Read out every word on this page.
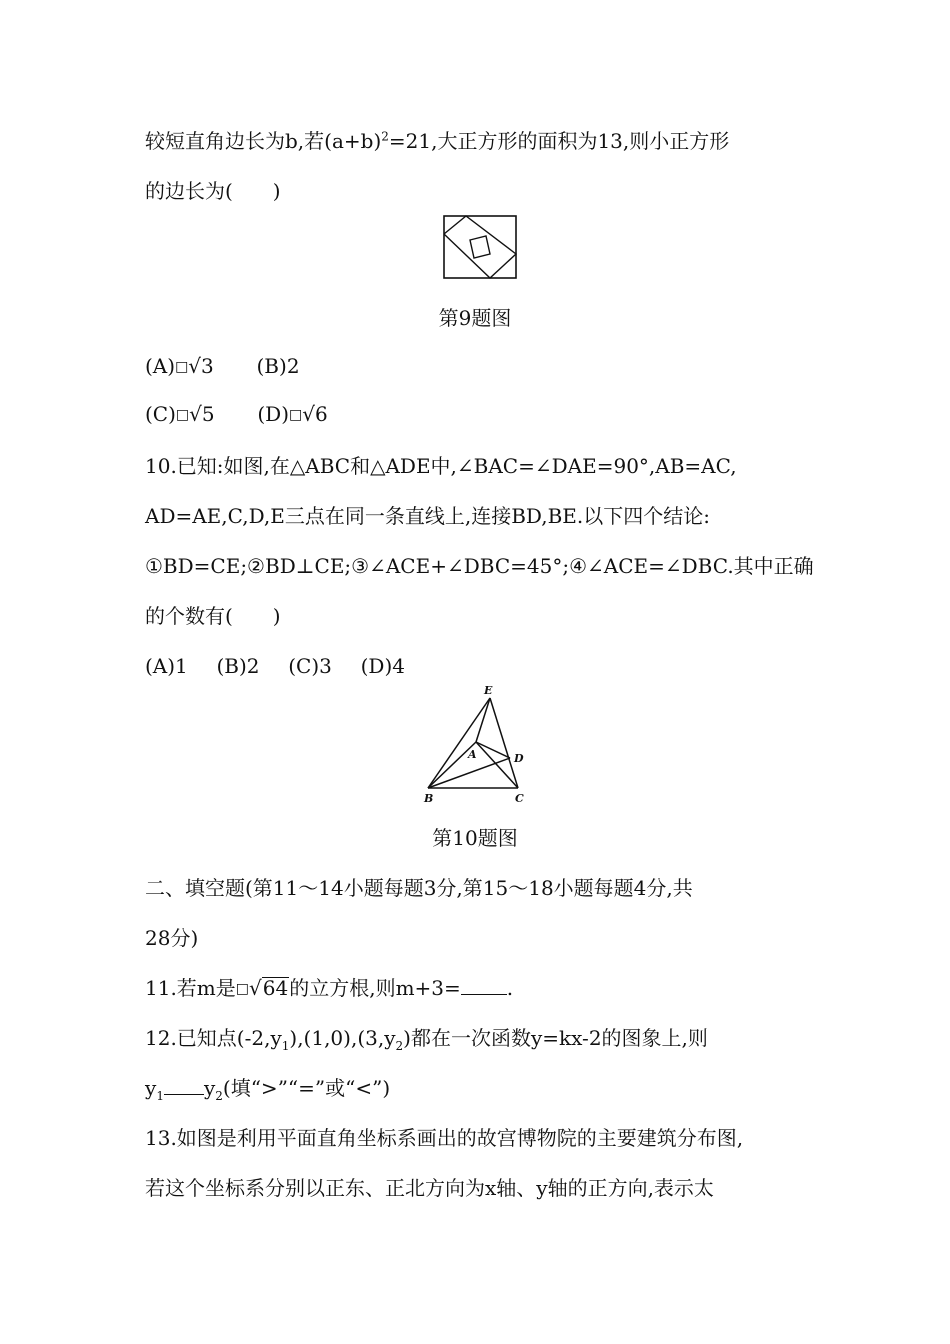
较短直角边长为b,若$(a+b)^2=21$,大正方形的面积为13,则小正方形
的边长为(　　)
第9题图
(A)□√3 (B)2
(C)□√5 (D)□√6
10.已知:如图,在△ABC和△ADE中,∠BAC=∠DAE=90°,AB=AC,
AD=AE,C,D,E三点在同一条直线上,连接BD,BE.以下四个结论:
①BD=CE;②BD⊥CE;③∠ACE+∠DBC=45°;④∠ACE=∠DBC.其中正确
的个数有(　　)
(A)1 (B)2 (C)3 (D)4
E
A	D
B	C
第10题图
二、填空题(第11～14小题每题3分,第15～18小题每题4分,共
28分)
11.若m是□√64的立方根,则m+3= .
12.已知点$(-2,y_1),(1,0),(3,y_2)$都在一次函数y=kx-2的图象上,则
$y_1$ $y_2$(填“>”“=”或“<”)
13.如图是利用平面直角坐标系画出的故宫博物院的主要建筑分布图,
若这个坐标系分别以正东、正北方向为x轴、y轴的正方向,表示太
